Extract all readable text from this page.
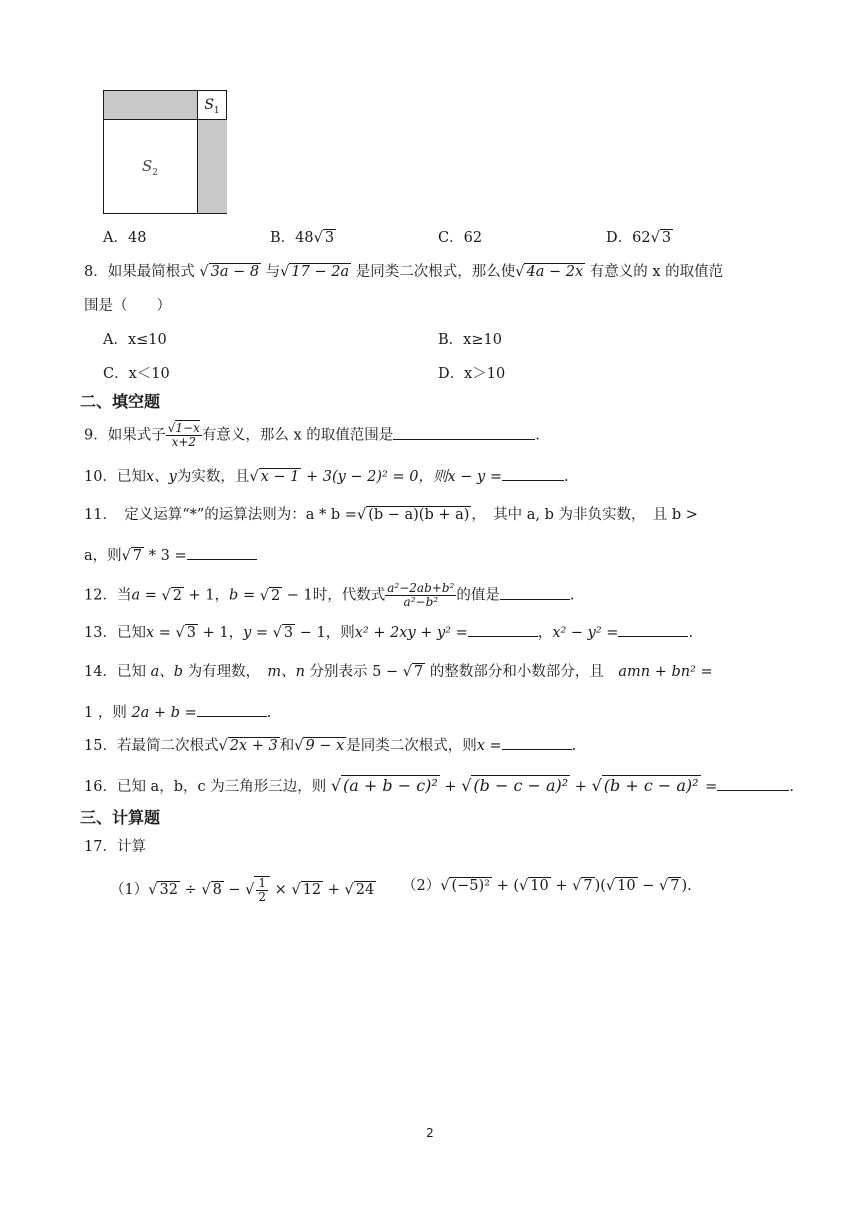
$S_1$
$S_2$
A．48	B．48√ 3	C．62	D．62√ 3
8．如果最简根式 √ 3a − 8 与√ 17 − 2a 是同类二次根式，那么使√ 4a − 2x 有意义的 x 的取值范
围是（　　）
A．x≤10	B．x≥10
C．x＜10	D．x＞10
二、填空题
9．如果式子 $\frac{√1-x}{x+2}$ 有意义，那么 x 的取值范围是	.
10．已知x、y为实数，且√ x − 1 + 3(y − 2)² = 0，则x − y =	.
11．　定义运算“*”的运算法则为：a * b =√ (b − a)(b + a) ，　其中 a, b 为非负实数，　且 b >
a，则√ 7 * 3 =
12．当a = √ 2 + 1，b = √ 2 − 1时，代数式 $\frac{\text{a²−2ab+b²}}{\text{a²−b²}}$ 的值是	.
13．已知x = √ 3 + 1，y = √ 3 − 1，则x² + 2xy + y² =	，x² − y² =	.
14．已知 a、b 为有理数，　m、n 分别表示 5 − √ 7 的整数部分和小数部分，且　amn + bn² =
1 ，则 2a + b =	.
15．若最简二次根式√ 2x + 3 和√ 9 − x 是同类二次根式，则x =	.
16．已知 a，b，c 为三角形三边，则 √ (a + b − c)² + √ (b − c − a)² + √ (b + c − a)² =	.
三、计算题
17．计算
（1）√ 32 ÷ √ 8 − √ $\frac{1}{2}$ × √ 12 + √ 24 （2）√ (−5)² + (√ 10 + √ 7 )(√ 10 − √ 7 ).
2
